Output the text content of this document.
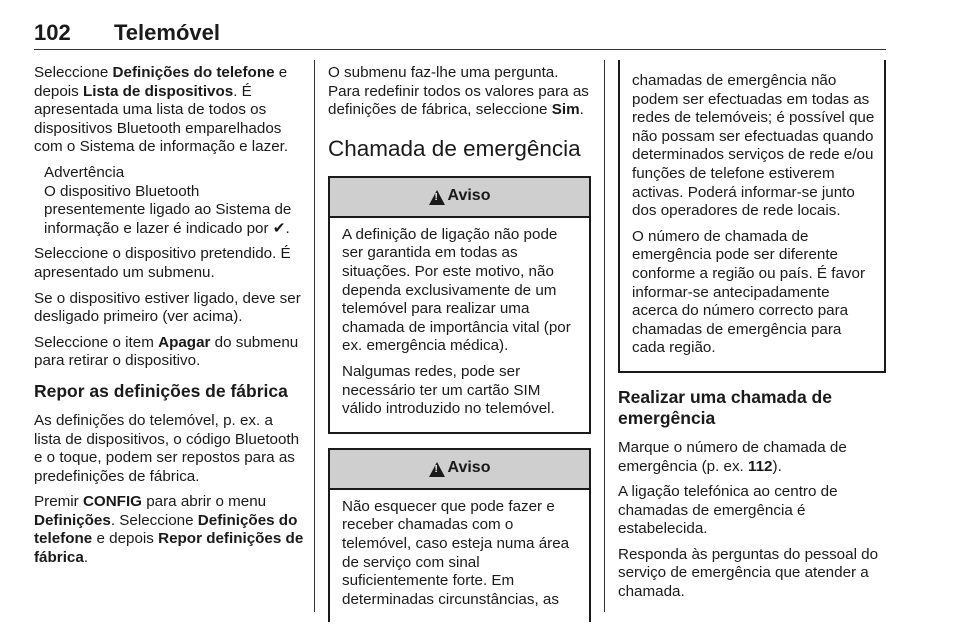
102 Telemóvel

Seleccione Definições do telefone e depois Lista de dispositivos. É apresentada uma lista de todos os dispositivos Bluetooth emparelhados com o Sistema de informação e lazer.

Advertência
O dispositivo Bluetooth presentemente ligado ao Sistema de informação e lazer é indicado por ✔.

Seleccione o dispositivo pretendido. É apresentado um submenu.

Se o dispositivo estiver ligado, deve ser desligado primeiro (ver acima).

Seleccione o item Apagar do submenu para retirar o dispositivo.

Repor as definições de fábrica

As definições do telemóvel, p. ex. a lista de dispositivos, o código Bluetooth e o toque, podem ser repostos para as predefinições de fábrica.

Premir CONFIG para abrir o menu Definições. Seleccione Definições do telefone e depois Repor definições de fábrica.

O submenu faz-lhe uma pergunta. Para redefinir todos os valores para as definições de fábrica, seleccione Sim.

Chamada de emergência
! Aviso

A definição de ligação não pode ser garantida em todas as situações. Por este motivo, não dependa exclusivamente de um telemóvel para realizar uma chamada de importância vital (por ex. emergência médica).

Nalgumas redes, pode ser necessário ter um cartão SIM válido introduzido no telemóvel.

! Aviso

Não esquecer que pode fazer e receber chamadas com o telemóvel, caso esteja numa área de serviço com sinal suficientemente forte. Em determinadas circunstâncias, as

chamadas de emergência não podem ser efectuadas em todas as redes de telemóveis; é possível que não possam ser efectuadas quando determinados serviços de rede e/ou funções de telefone estiverem activas. Poderá informar-se junto dos operadores de rede locais.

O número de chamada de emergência pode ser diferente conforme a região ou país. É favor informar-se antecipadamente acerca do número correcto para chamadas de emergência para cada região.

Realizar uma chamada de emergência

Marque o número de chamada de emergência (p. ex. 112).

A ligação telefónica ao centro de chamadas de emergência é estabelecida.

Responda às perguntas do pessoal do serviço de emergência que atender a chamada.
